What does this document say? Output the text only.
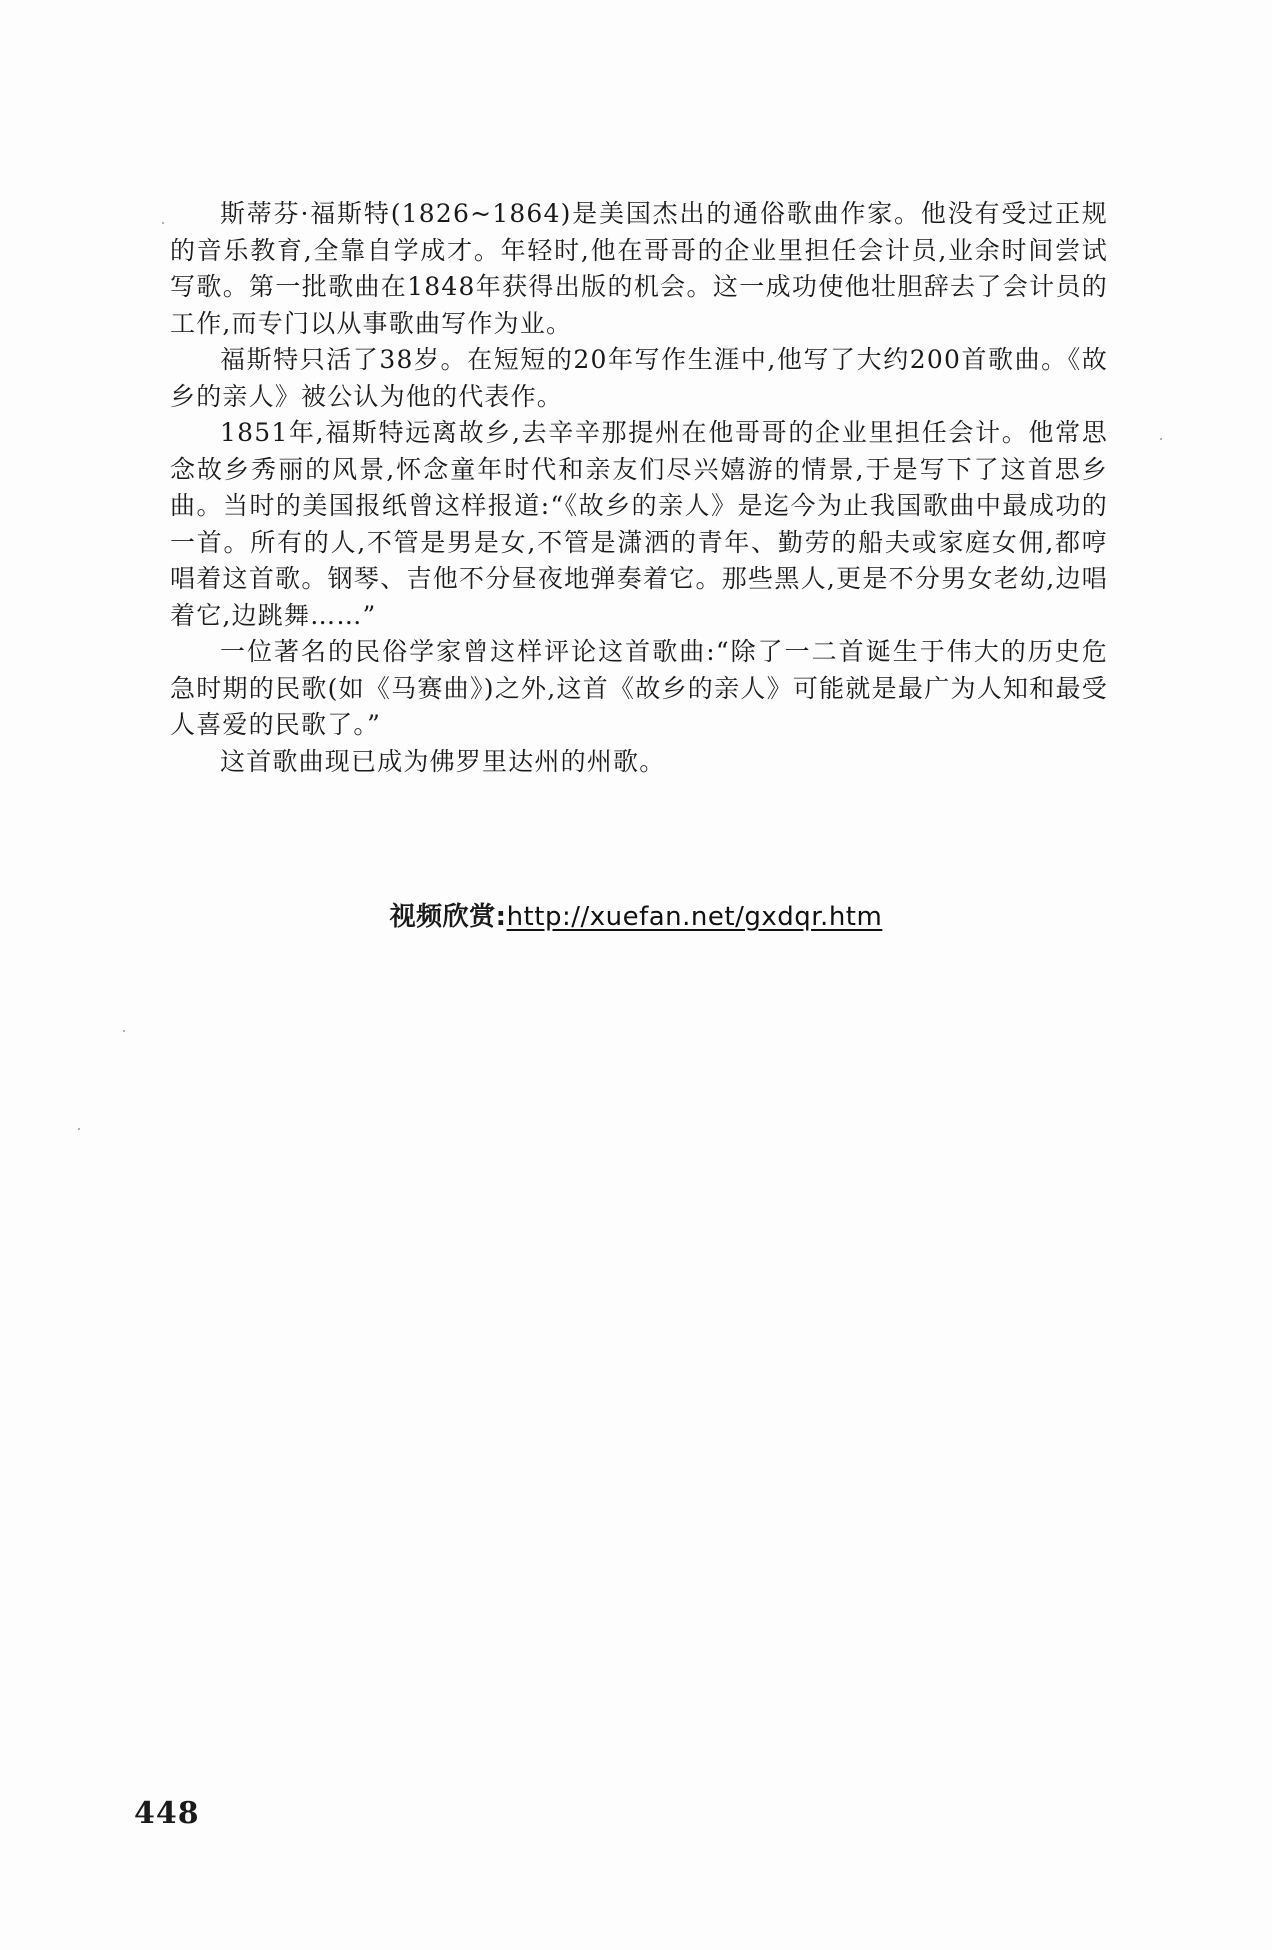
斯蒂芬·福斯特(1826~1864)是美国杰出的通俗歌曲作家。他没有受过正规的音乐教育,全靠自学成才。年轻时,他在哥哥的企业里担任会计员,业余时间尝试写歌。第一批歌曲在1848年获得出版的机会。这一成功使他壮胆辞去了会计员的工作,而专门以从事歌曲写作为业。

福斯特只活了38岁。在短短的20年写作生涯中,他写了大约200首歌曲。《故乡的亲人》被公认为他的代表作。

1851年,福斯特远离故乡,去辛辛那提州在他哥哥的企业里担任会计。他常思念故乡秀丽的风景,怀念童年时代和亲友们尽兴嬉游的情景,于是写下了这首思乡曲。当时的美国报纸曾这样报道:“《故乡的亲人》是迄今为止我国歌曲中最成功的一首。所有的人,不管是男是女,不管是潇洒的青年、勤劳的船夫或家庭女佣,都哼唱着这首歌。钢琴、吉他不分昼夜地弹奏着它。那些黑人,更是不分男女老幼,边唱着它,边跳舞……”

一位著名的民俗学家曾这样评论这首歌曲:“除了一二首诞生于伟大的历史危急时期的民歌(如《马赛曲》)之外,这首《故乡的亲人》可能就是最广为人知和最受人喜爱的民歌了。”

这首歌曲现已成为佛罗里达州的州歌。

视频欣赏:http://xuefan.net/gxdqr.htm
448
